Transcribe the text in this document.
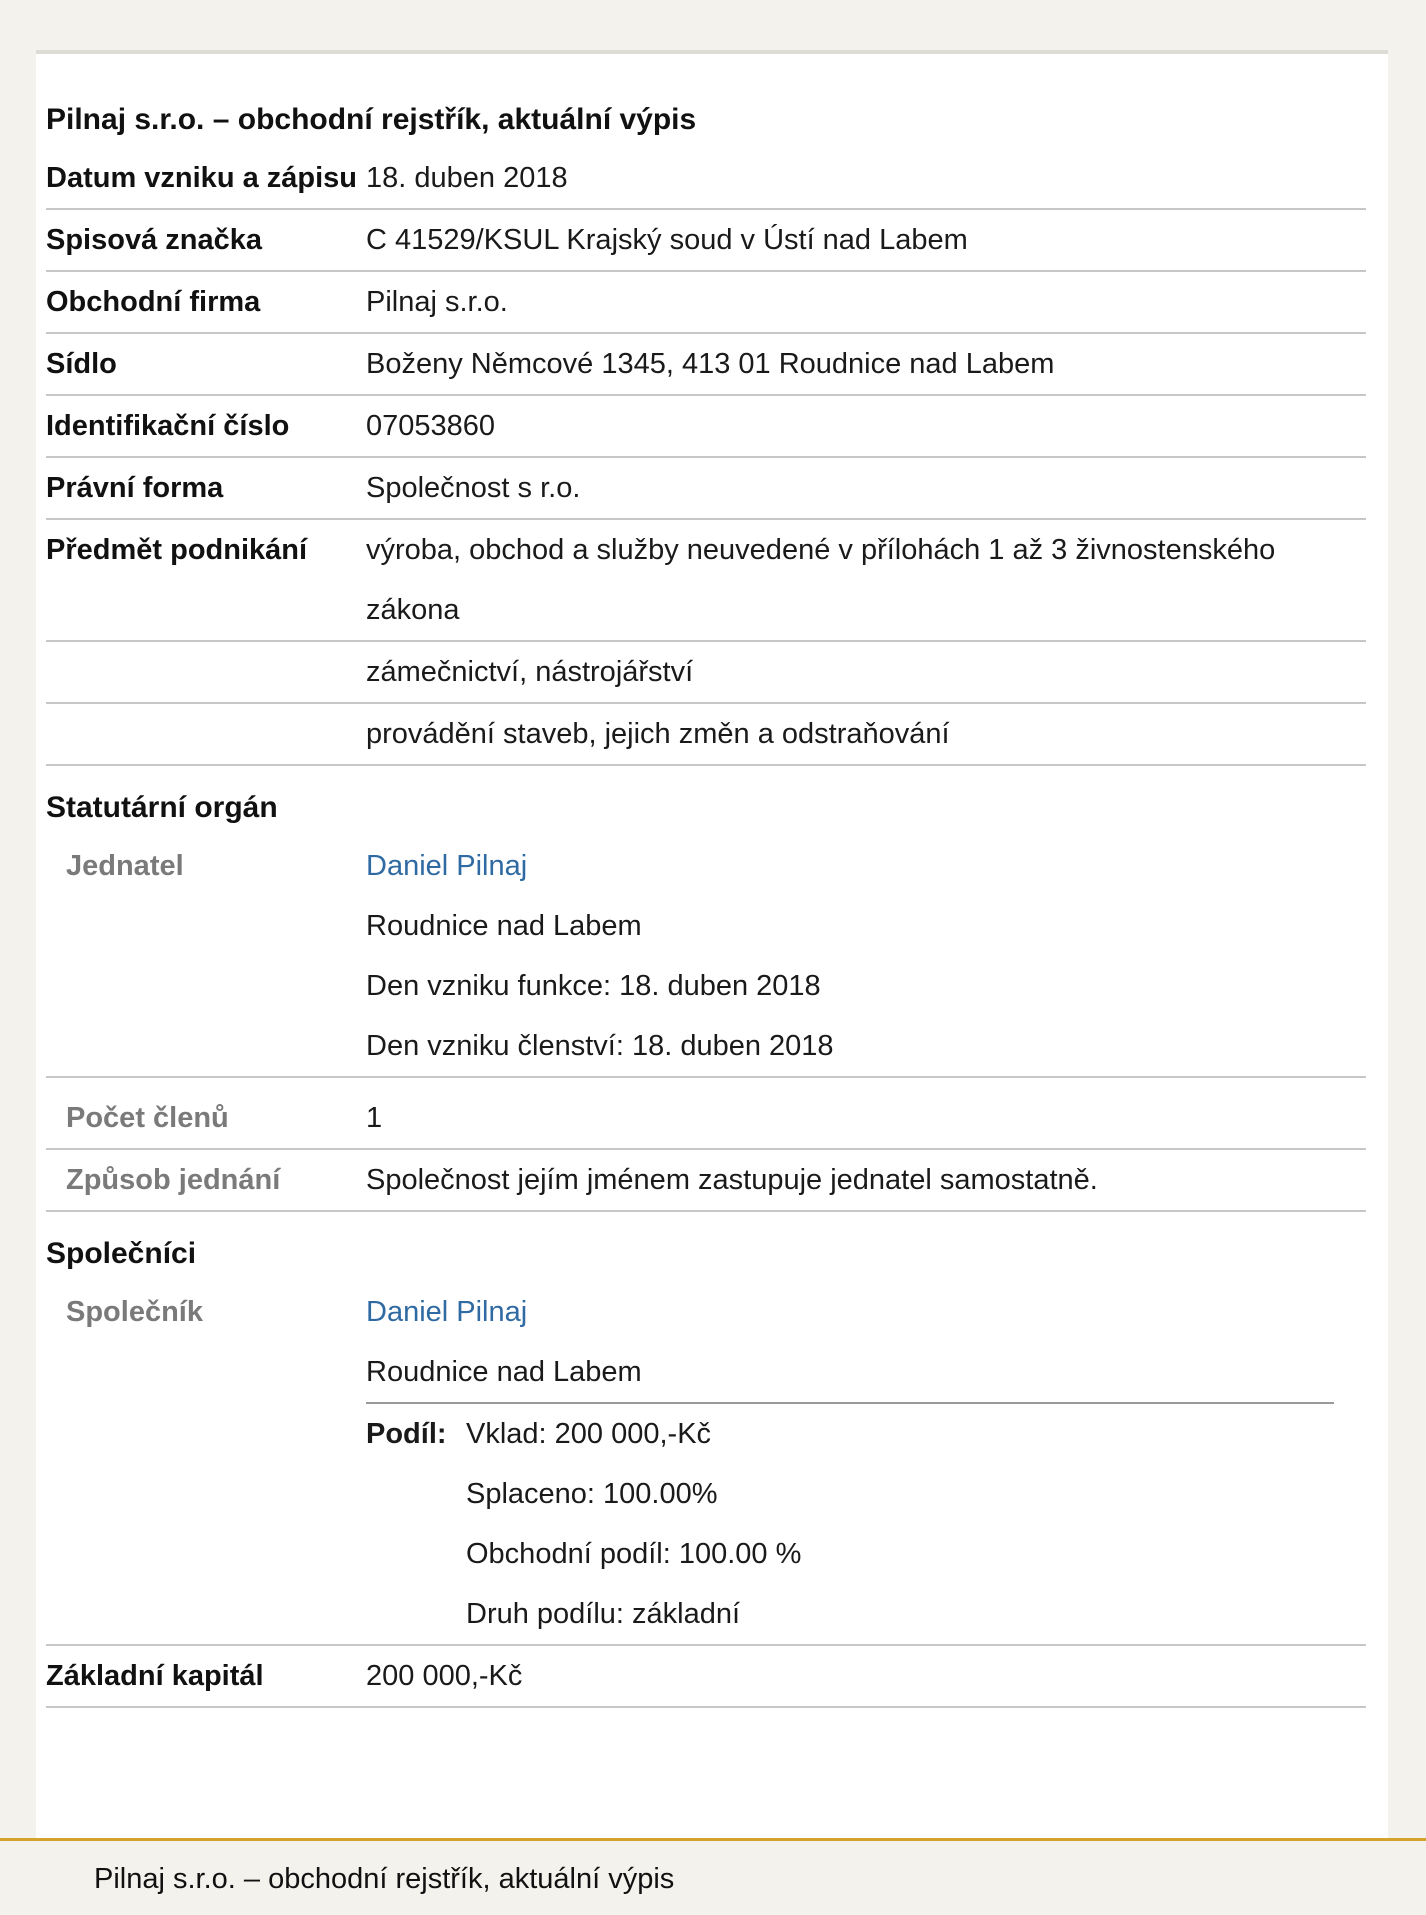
Pilnaj s.r.o. – obchodní rejstřík, aktuální výpis
Datum vzniku a zápisu 18. duben 2018
Spisová značka	C 41529/KSUL Krajský soud v Ústí nad Labem
Obchodní firma	Pilnaj s.r.o.
Sídlo	Boženy Němcové 1345, 413 01 Roudnice nad Labem
Identifikační číslo	07053860
Právní forma	Společnost s r.o.
Předmět podnikání	výroba, obchod a služby neuvedené v přílohách 1 až 3 živnostenského zákona
zámečnictví, nástrojářství
provádění staveb, jejich změn a odstraňování
Statutární orgán
Jednatel	Daniel Pilnaj
Roudnice nad Labem
Den vzniku funkce: 18. duben 2018
Den vzniku členství: 18. duben 2018
Počet členů	1
Způsob jednání	Společnost jejím jménem zastupuje jednatel samostatně.
Společníci
Společník	Daniel Pilnaj
Roudnice nad Labem
Podíl: Vklad: 200 000,-Kč
Splaceno: 100.00%
Obchodní podíl: 100.00 %
Druh podílu: základní
Základní kapitál	200 000,-Kč
Pilnaj s.r.o. – obchodní rejstřík, aktuální výpis
